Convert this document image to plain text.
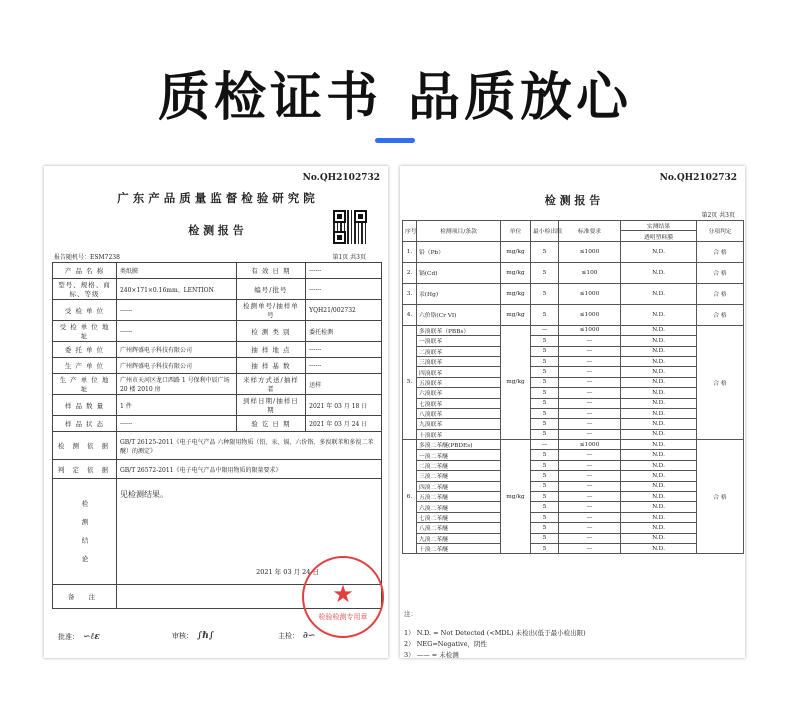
质检证书 品质放心
No.QH2102732
广 东 产 品 质 量 监 督 检 验 研 究 院
检 测 报 告
报告随机号：ESM7238	第1页 共3页
产 品 名 称	类纸膜	有 效 日 期	------
型号、规格、商标、等级	240×171×0.16mm、LENTION	编号/批号	------
受 检 单 位	------	检测单号/抽样单号	YQH21/002732
受 检 单 位 地 址	------	检 测 类 别	委托检测
委 托 单 位	广州辉盛电子科技有限公司	抽 样 地 点	------
生 产 单 位	广州辉盛电子科技有限公司	抽 样 基 数	------
生 产 单 位 地 址	广州市天河区龙口西路 1 号保利中辰广场 20 楼 2010 房	来样方式送/抽样者	送样
样 品 数 量	1 件	到样日期/抽样日期	2021 年 03 月 18 日
样 品 状 态	------	验 讫 日 期	2021 年 03 月 24 日
检 测 依 据	GB/T 26125-2011《电子电气产品 六种限用物质（铅、汞、镉、六价铬、多溴联苯和多溴二苯醚）的测定》		
判 定 依 据	GB/T 26572-2011《电子电气产品中限用物质的限量要求》		
检 测 结 论	见检测结果。
2021 年 03 月 24 日		

备 注				★
检验检测专用章
批准： ∽ℓε	审核： ∫ℏ∫	主检： ∂∽
No.QH2102732
检 测 报 告
第2页 共3页
序号	检测项目/条款	单位	最小检出限	标准要求	实测结果	分项判定
					透明塑料膜	
1.	铅（Pb）	mg/kg	5	≤1000	N.D.	合 格
2.	镉(Cd)	mg/kg	5	≤100	N.D.	合 格
3.	汞(Hg)	mg/kg	5	≤1000	N.D.	合 格
4.	六价铬(Cr VI)	mg/kg	5	≤1000	N.D.	合 格
5.	多溴联苯（PBBs）	mg/kg	—	≤1000	N.D.	合 格
	一溴联苯		5	—	N.D.	
	二溴联苯		5	—	N.D.	
	三溴联苯		5	—	N.D.	
	四溴联苯		5	—	N.D.	
	五溴联苯		5	—	N.D.	
	六溴联苯		5	—	N.D.	
	七溴联苯		5	—	N.D.	
	八溴联苯		5	—	N.D.	
	九溴联苯		5	—	N.D.	
	十溴联苯		5	—	N.D.	
6.	多溴二苯醚(PBDEs)	mg/kg	—	≤1000	N.D.	合 格
	一溴二苯醚		5	—	N.D.	
	二溴二苯醚		5	—	N.D.	
	三溴二苯醚		5	—	N.D.	
	四溴二苯醚		5	—	N.D.	
	五溴二苯醚		5	—	N.D.	
	六溴二苯醚		5	—	N.D.	
	七溴二苯醚		5	—	N.D.	
	八溴二苯醚		5	—	N.D.	
	九溴二苯醚		5	—	N.D.	
	十溴二苯醚		5	—	N.D.	
注：
1） N.D. = Not Detected (<MDL) 未检出(低于最小检出限)
2） NEG=Negative，阴性
3） —— = 未检测
